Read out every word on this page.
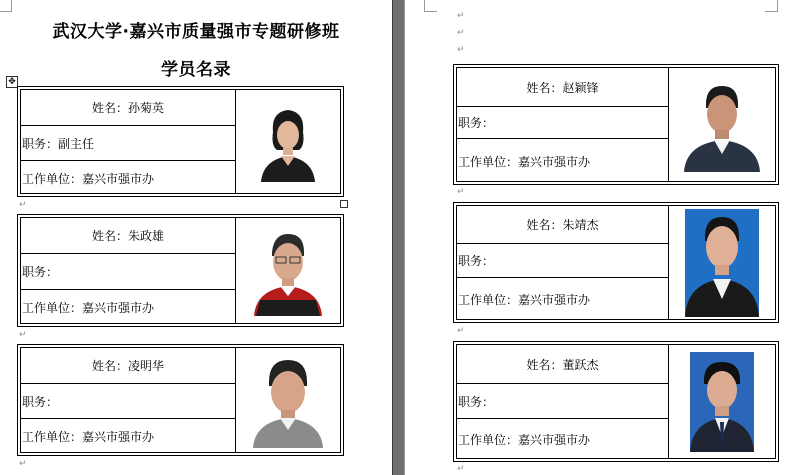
武汉大学·嘉兴市质量强市专题研修班
学员名录
✥
姓名：孙菊英
职务：副主任
工作单位：嘉兴市强市办
↵
姓名：朱政雄
职务：
工作单位：嘉兴市强市办
↵
姓名：凌明华
职务：
工作单位：嘉兴市强市办
↵
↵
↵
↵
姓名：赵颖锋
职务：
工作单位：嘉兴市强市办
↵
姓名：朱靖杰
职务：
工作单位：嘉兴市强市办
↵
姓名：董跃杰
职务：
工作单位：嘉兴市强市办
↵
